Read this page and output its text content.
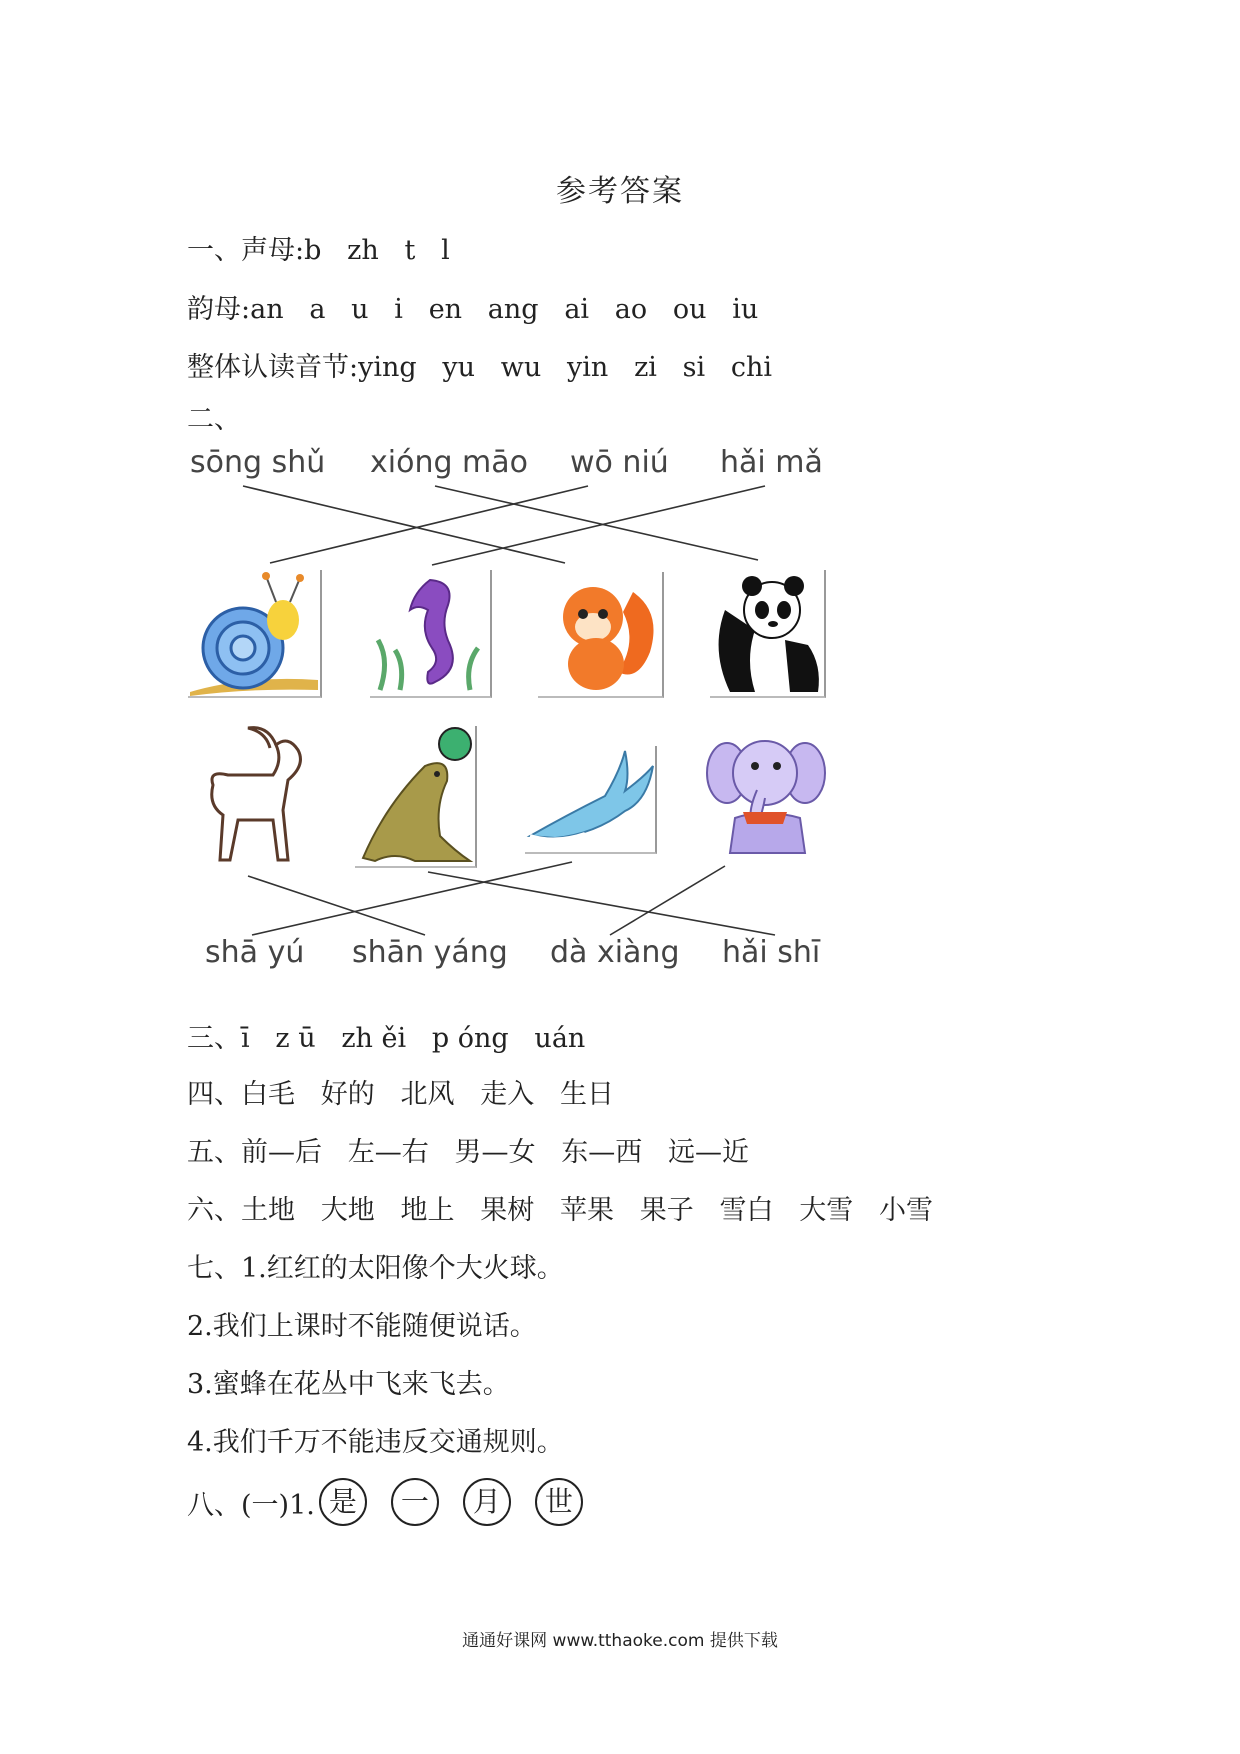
参考答案
一、声母:b   zh   t   l
韵母:an   a   u   i   en   ang   ai   ao   ou   iu
整体认读音节:ying   yu   wu   yin   zi   si   chi
二、
sōng shǔ xióng māo wō niú hǎi mǎ
shā yú shān yáng dà xiàng hǎi shī
三、ī   z ū   zh ěi   p óng   uán
四、白毛   好的   北风   走入   生日
五、前—后   左—右   男—女   东—西   远—近
六、土地   大地   地上   果树   苹果   果子   雪白   大雪   小雪
七、1.红红的太阳像个大火球。
2.我们上课时不能随便说话。
3.蜜蜂在花丛中飞来飞去。
4.我们千万不能违反交通规则。
八、(一)1. 是	一	月	世
通通好课网 www.tthaoke.com 提供下载
